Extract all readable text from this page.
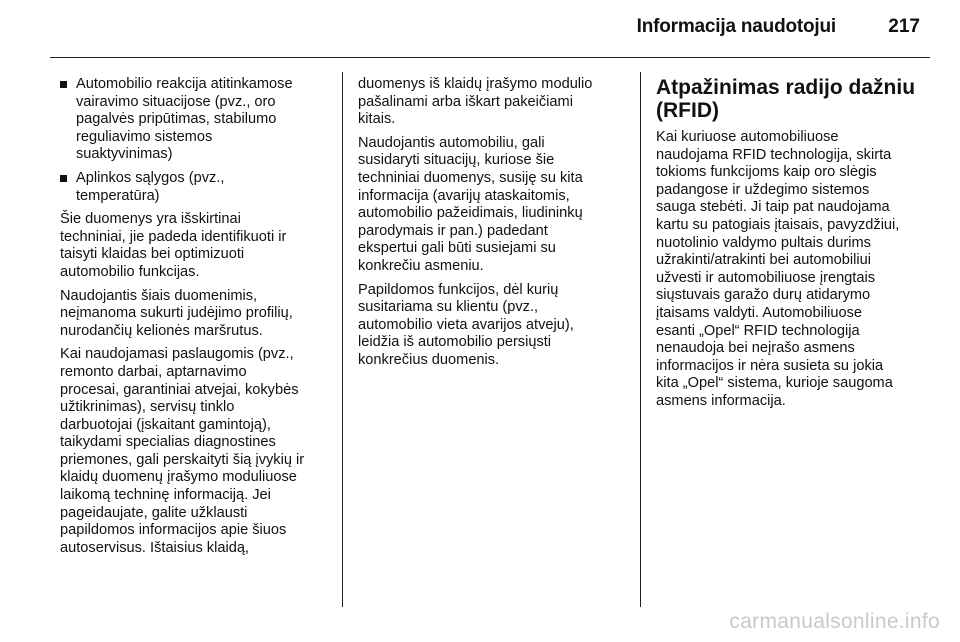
Informacija naudotojui	217
Automobilio reakcija atitinkamose
vairavimo situacijose (pvz., oro
pagalvės pripūtimas, stabilumo
reguliavimo sistemos
suaktyvinimas)
Aplinkos sąlygos (pvz.,
temperatūra)

Šie duomenys yra išskirtinai
techniniai, jie padeda identifikuoti ir
taisyti klaidas bei optimizuoti
automobilio funkcijas.

Naudojantis šiais duomenimis,
neįmanoma sukurti judėjimo profilių,
nurodančių kelionės maršrutus.

Kai naudojamasi paslaugomis (pvz.,
remonto darbai, aptarnavimo
procesai, garantiniai atvejai, kokybės
užtikrinimas), servisų tinklo
darbuotojai (įskaitant gamintoją),
taikydami specialias diagnostines
priemones, gali perskaityti šią įvykių ir
klaidų duomenų įrašymo moduliuose
laikomą techninę informaciją. Jei
pageidaujate, galite užklausti
papildomos informacijos apie šiuos
autoservisus. Ištaisius klaidą,

duomenys iš klaidų įrašymo modulio
pašalinami arba iškart pakeičiami
kitais.

Naudojantis automobiliu, gali
susidaryti situacijų, kuriose šie
techniniai duomenys, susiję su kita
informacija (avarijų ataskaitomis,
automobilio pažeidimais, liudininkų
parodymais ir pan.) padedant
ekspertui gali būti susiejami su
konkrečiu asmeniu.

Papildomos funkcijos, dėl kurių
susitariama su klientu (pvz.,
automobilio vieta avarijos atveju),
leidžia iš automobilio persiųsti
konkrečius duomenis.

Atpažinimas radijo dažniu
(RFID)

Kai kuriuose automobiliuose
naudojama RFID technologija, skirta
tokioms funkcijoms kaip oro slėgis
padangose ir uždegimo sistemos
sauga stebėti. Ji taip pat naudojama
kartu su patogiais įtaisais, pavyzdžiui,
nuotolinio valdymo pultais durims
užrakinti/atrakinti bei automobiliui
užvesti ir automobiliuose įrengtais
siųstuvais garažo durų atidarymo
įtaisams valdyti. Automobiliuose
esanti „Opel“ RFID technologija
nenaudoja bei neįrašo asmens
informacijos ir nėra susieta su jokia
kita „Opel“ sistema, kurioje saugoma
asmens informacija.

carmanualsonline.info
